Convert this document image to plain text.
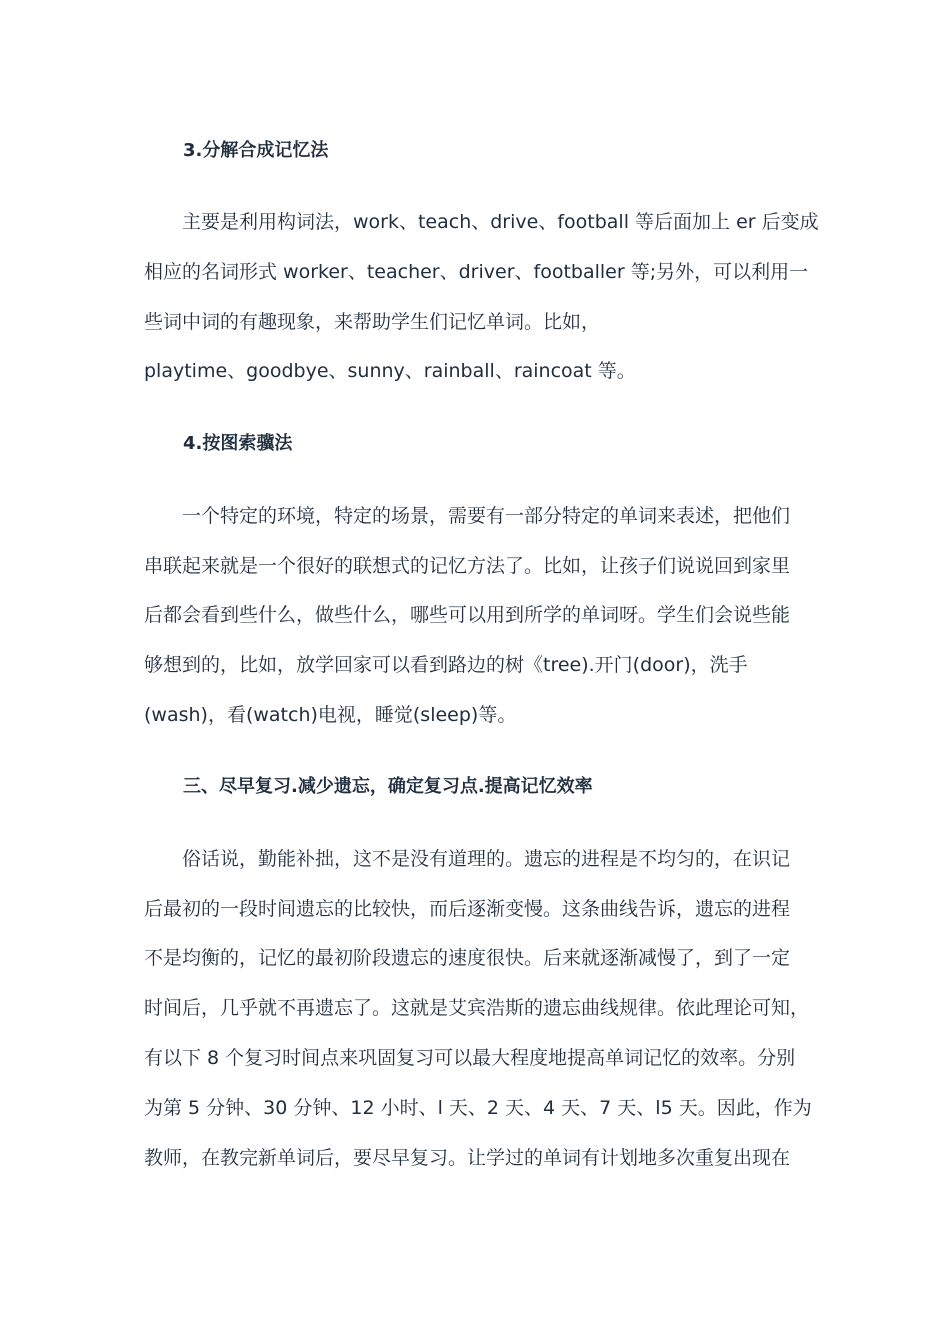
3.分解合成记忆法
主要是利用构词法，work、teach、drive、football 等后面加上 er 后变成
相应的名词形式 worker、teacher、driver、footballer 等;另外，可以利用一
些词中词的有趣现象，来帮助学生们记忆单词。比如，
playtime、goodbye、sunny、rainball、raincoat 等。
4.按图索骥法
一个特定的环境，特定的场景，需要有一部分特定的单词来表述，把他们
串联起来就是一个很好的联想式的记忆方法了。比如，让孩子们说说回到家里
后都会看到些什么，做些什么，哪些可以用到所学的单词呀。学生们会说些能
够想到的，比如，放学回家可以看到路边的树《tree).开门(door)，洗手
(wash)，看(watch)电视，睡觉(sleep)等。
三、尽早复习.减少遗忘，确定复习点.提高记忆效率
俗话说，勤能补拙，这不是没有道理的。遗忘的进程是不均匀的，在识记
后最初的一段时间遗忘的比较快，而后逐渐变慢。这条曲线告诉，遗忘的进程
不是均衡的，记忆的最初阶段遗忘的速度很快。后来就逐渐减慢了，到了一定
时间后，几乎就不再遗忘了。这就是艾宾浩斯的遗忘曲线规律。依此理论可知，
有以下 8 个复习时间点来巩固复习可以最大程度地提高单词记忆的效率。分别
为第 5 分钟、30 分钟、12 小时、l 天、2 天、4 天、7 天、l5 天。因此，作为
教师，在教完新单词后，要尽早复习。让学过的单词有计划地多次重复出现在
